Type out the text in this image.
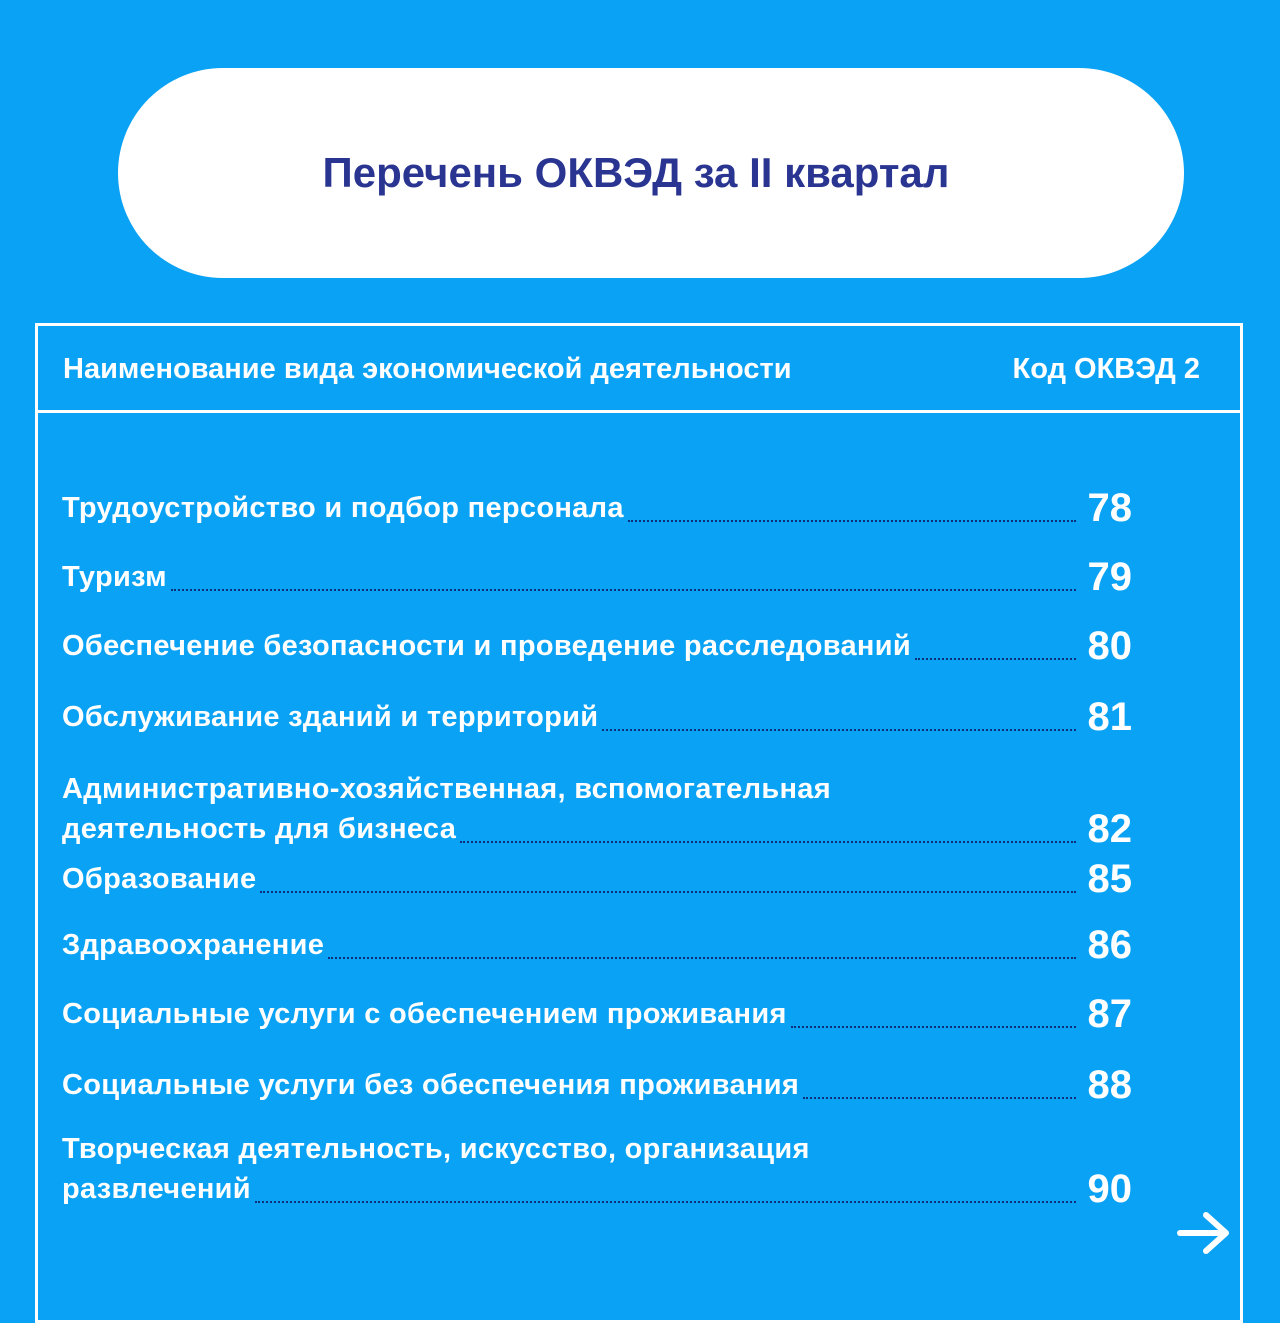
Перечень ОКВЭД за II квартал
Наименование вида экономической деятельности	Код ОКВЭД 2
Трудоустройство и подбор персонала	78
Туризм	79
Обеспечение безопасности и проведение расследований	80
Обслуживание зданий и территорий	81
Административно-хозяйственная, вспомогательная
деятельность для бизнеса	82
Образование	85
Здравоохранение	86
Социальные услуги с обеспечением проживания	87
Социальные услуги без обеспечения проживания	88
Творческая деятельность, искусство, организация
развлечений	90
